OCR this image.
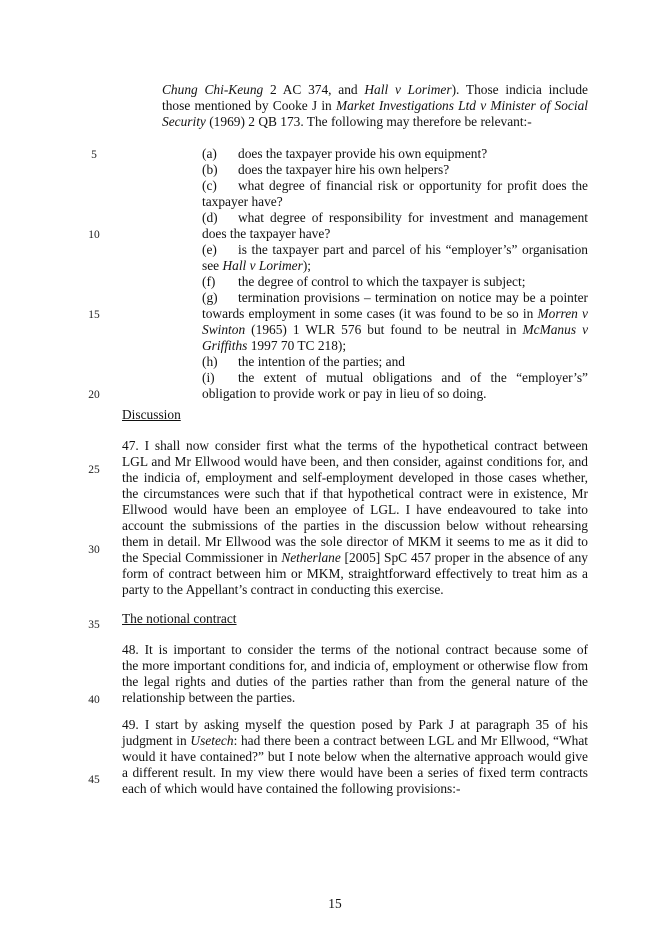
5
10
15
20
25
30
35
40
45
Chung Chi-Keung 2 AC 374, and Hall v Lorimer). Those indicia include
those mentioned by Cooke J in Market Investigations Ltd v Minister of Social
Security (1969) 2 QB 173. The following may therefore be relevant:-
(a) does the taxpayer provide his own equipment?
(b) does the taxpayer hire his own helpers?
(c) what degree of financial risk or opportunity for profit does the
taxpayer have?
(d) what degree of responsibility for investment and management
does the taxpayer have?
(e) is the taxpayer part and parcel of his “employer’s” organisation
see Hall v Lorimer);
(f) the degree of control to which the taxpayer is subject;
(g) termination provisions – termination on notice may be a pointer
towards employment in some cases (it was found to be so in Morren v
Swinton (1965) 1 WLR 576 but found to be neutral in McManus v
Griffiths 1997 70 TC 218);
(h) the intention of the parties; and
(i) the extent of mutual obligations and of the “employer’s”
obligation to provide work or pay in lieu of so doing.
Discussion
47. I shall now consider first what the terms of the hypothetical contract between
LGL and Mr Ellwood would have been, and then consider, against conditions for, and
the indicia of, employment and self-employment developed in those cases whether,
the circumstances were such that if that hypothetical contract were in existence, Mr
Ellwood would have been an employee of LGL. I have endeavoured to take into
account the submissions of the parties in the discussion below without rehearsing
them in detail. Mr Ellwood was the sole director of MKM it seems to me as it did to
the Special Commissioner in Netherlane [2005] SpC 457 proper in the absence of any
form of contract between him or MKM, straightforward effectively to treat him as a
party to the Appellant’s contract in conducting this exercise.
The notional contract
48. It is important to consider the terms of the notional contract because some of
the more important conditions for, and indicia of, employment or otherwise flow from
the legal rights and duties of the parties rather than from the general nature of the
relationship between the parties.
49. I start by asking myself the question posed by Park J at paragraph 35 of his
judgment in Usetech: had there been a contract between LGL and Mr Ellwood, “What
would it have contained?” but I note below when the alternative approach would give
a different result. In my view there would have been a series of fixed term contracts
each of which would have contained the following provisions:-
15
